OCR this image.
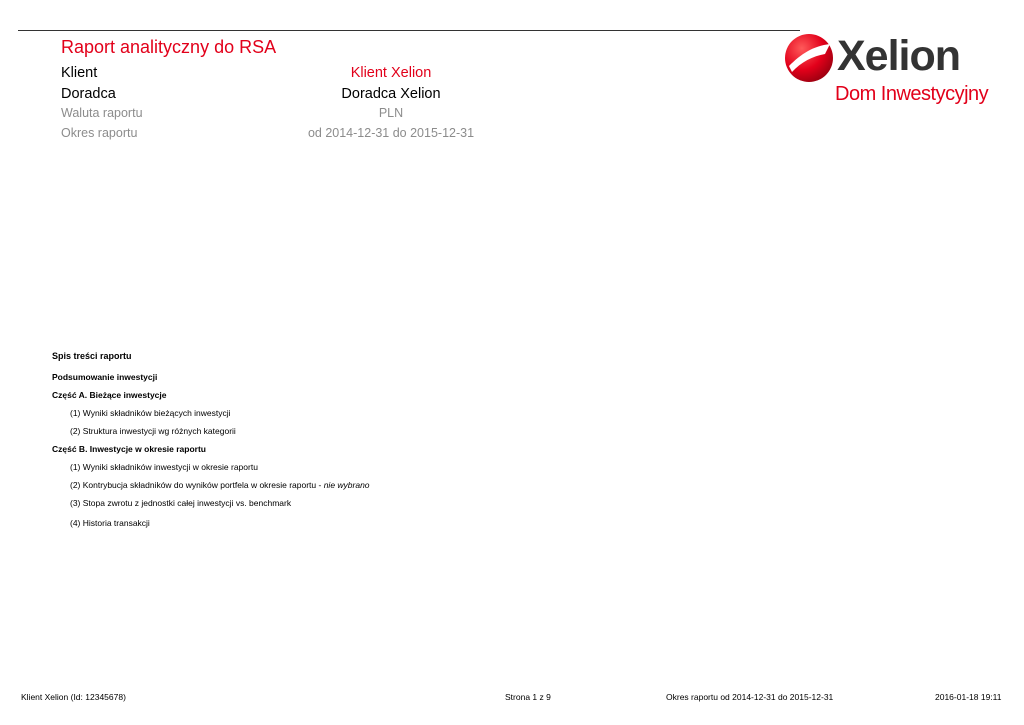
Raport analityczny do RSA
Klient	Klient Xelion
Doradca	Doradca Xelion
Waluta raportu	PLN
Okres raportu	od 2014-12-31 do 2015-12-31
Xelion
Dom Inwestycyjny
Spis treści raportu
Podsumowanie inwestycji
Część A. Bieżące inwestycje
(1) Wyniki składników bieżących inwestycji
(2) Struktura inwestycji wg różnych kategorii
Część B. Inwestycje w okresie raportu
(1) Wyniki składników inwestycji w okresie raportu
(2) Kontrybucja składników do wyników portfela w okresie raportu - nie wybrano
(3) Stopa zwrotu z jednostki całej inwestycji vs. benchmark
(4) Historia transakcji
Klient Xelion (Id: 12345678)	Strona 1 z 9	Okres raportu od 2014-12-31 do 2015-12-31	2016-01-18 19:11
